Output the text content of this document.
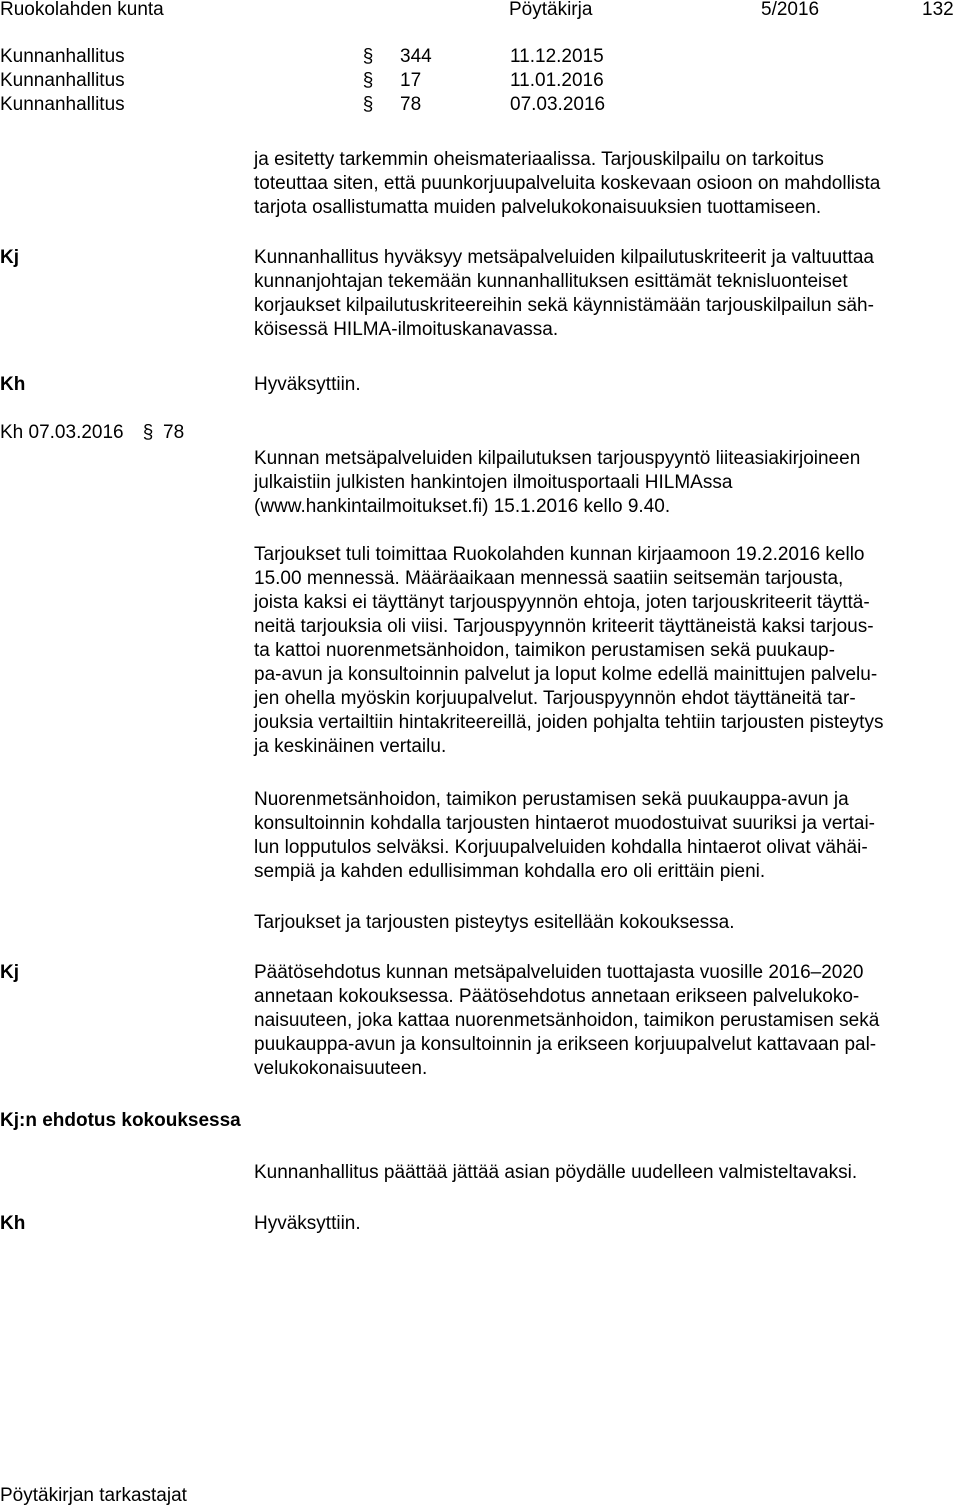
Ruokolahden kunta	Pöytäkirja	5/2016	132
Kunnanhallitus	§ 344	11.12.2015
Kunnanhallitus	§ 17	11.01.2016
Kunnanhallitus	§ 78	07.03.2016
ja esitetty tarkemmin oheismateriaalissa. Tarjouskilpailu on tarkoitus
toteuttaa siten, että puunkorjuupalveluita koskevaan osioon on mahdollista
tarjota osallistumatta muiden palvelukokonaisuuksien tuottamiseen.
Kj	Kunnanhallitus hyväksyy metsäpalveluiden kilpailutuskriteerit ja valtuuttaa
kunnanjohtajan tekemään kunnanhallituksen esittämät teknisluonteiset
korjaukset kilpailutuskriteereihin sekä käynnistämään tarjouskilpailun säh-
köisessä HILMA-ilmoituskanavassa.
Kh	Hyväksyttiin.
Kh 07.03.2016 § 78
Kunnan metsäpalveluiden kilpailutuksen tarjouspyyntö liiteasiakirjoineen
julkaistiin julkisten hankintojen ilmoitusportaali HILMAssa
(www.hankintailmoitukset.fi) 15.1.2016 kello 9.40.
Tarjoukset tuli toimittaa Ruokolahden kunnan kirjaamoon 19.2.2016 kello
15.00 mennessä. Määräaikaan mennessä saatiin seitsemän tarjousta,
joista kaksi ei täyttänyt tarjouspyynnön ehtoja, joten tarjouskriteerit täyttä-
neitä tarjouksia oli viisi. Tarjouspyynnön kriteerit täyttäneistä kaksi tarjous-
ta kattoi nuorenmetsänhoidon, taimikon perustamisen sekä puukaup-
pa-avun ja konsultoinnin palvelut ja loput kolme edellä mainittujen palvelu-
jen ohella myöskin korjuupalvelut. Tarjouspyynnön ehdot täyttäneitä tar-
jouksia vertailtiin hintakriteereillä, joiden pohjalta tehtiin tarjousten pisteytys
ja keskinäinen vertailu.
Nuorenmetsänhoidon, taimikon perustamisen sekä puukauppa-avun ja
konsultoinnin kohdalla tarjousten hintaerot muodostuivat suuriksi ja vertai-
lun lopputulos selväksi. Korjuupalveluiden kohdalla hintaerot olivat vähäi-
sempiä ja kahden edullisimman kohdalla ero oli erittäin pieni.
Tarjoukset ja tarjousten pisteytys esitellään kokouksessa.
Kj	Päätösehdotus kunnan metsäpalveluiden tuottajasta vuosille 2016–2020
annetaan kokouksessa. Päätösehdotus annetaan erikseen palvelukoko-
naisuuteen, joka kattaa nuorenmetsänhoidon, taimikon perustamisen sekä
puukauppa-avun ja konsultoinnin ja erikseen korjuupalvelut kattavaan pal-
velukokonaisuuteen.
Kj:n ehdotus kokouksessa
Kunnanhallitus päättää jättää asian pöydälle uudelleen valmisteltavaksi.
Kh	Hyväksyttiin.
Pöytäkirjan tarkastajat
